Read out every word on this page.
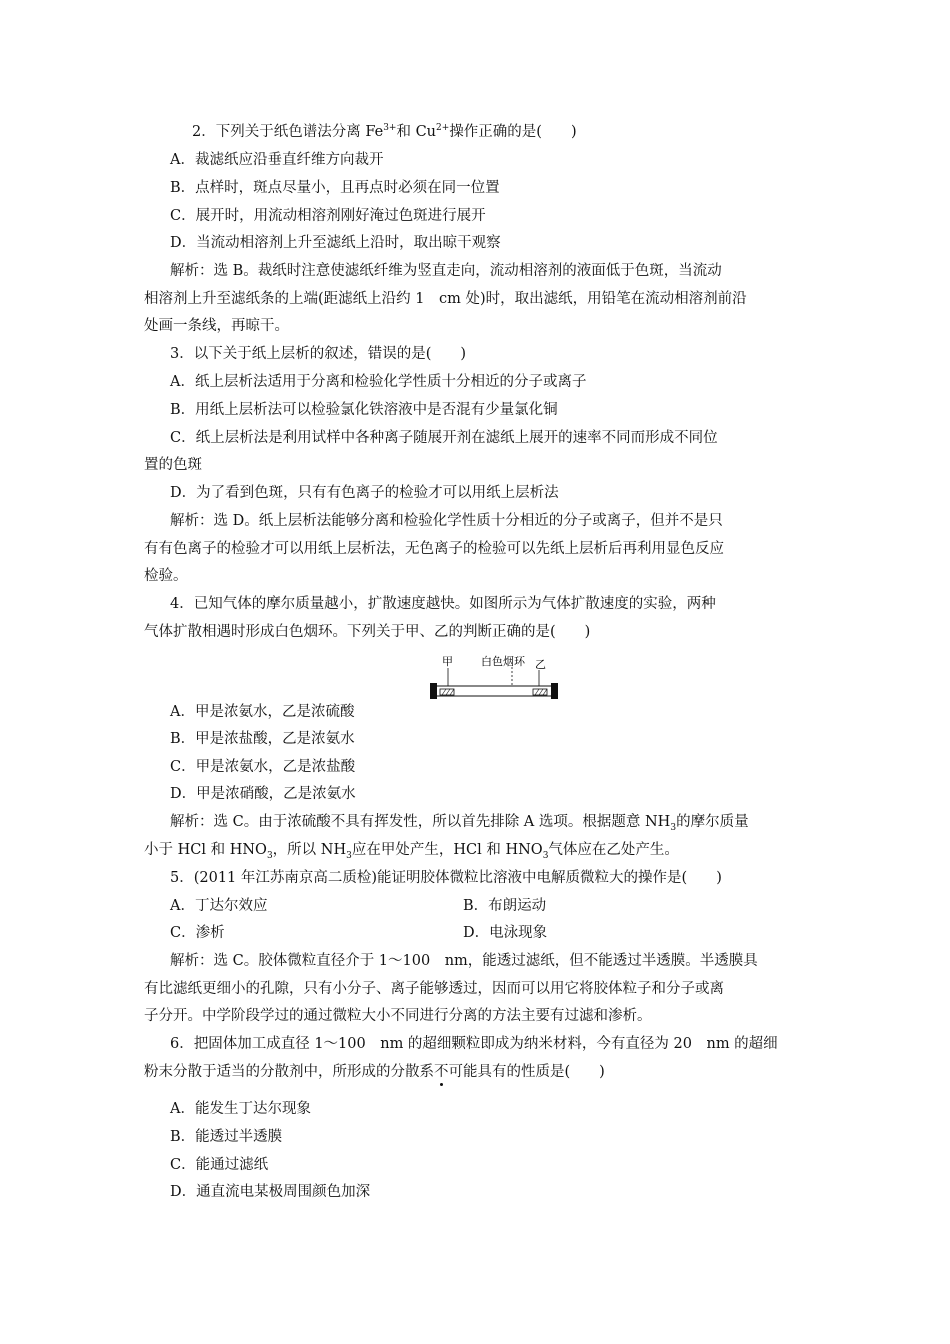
2．下列关于纸色谱法分离 $Fe^{3+}$和 $Cu^{2+}$操作正确的是(　　)
A．裁滤纸应沿垂直纤维方向裁开
B．点样时，斑点尽量小，且再点时必须在同一位置
C．展开时，用流动相溶剂刚好淹过色斑进行展开
D．当流动相溶剂上升至滤纸上沿时，取出晾干观察
解析：选 B。裁纸时注意使滤纸纤维为竖直走向，流动相溶剂的液面低于色斑，当流动
相溶剂上升至滤纸条的上端(距滤纸上沿约 1　cm 处)时，取出滤纸，用铅笔在流动相溶剂前沿
处画一条线，再晾干。
3．以下关于纸上层析的叙述，错误的是(　　)
A．纸上层析法适用于分离和检验化学性质十分相近的分子或离子
B．用纸上层析法可以检验氯化铁溶液中是否混有少量氯化铜
C．纸上层析法是利用试样中各种离子随展开剂在滤纸上展开的速率不同而形成不同位
置的色斑
D．为了看到色斑，只有有色离子的检验才可以用纸上层析法
解析：选 D。纸上层析法能够分离和检验化学性质十分相近的分子或离子，但并不是只
有有色离子的检验才可以用纸上层析法，无色离子的检验可以先纸上层析后再利用显色反应
检验。
4．已知气体的摩尔质量越小，扩散速度越快。如图所示为气体扩散速度的实验，两种
气体扩散相遇时形成白色烟环。下列关于甲、乙的判断正确的是(　　)
甲	白色烟环 乙
A．甲是浓氨水，乙是浓硫酸
B．甲是浓盐酸，乙是浓氨水
C．甲是浓氨水，乙是浓盐酸
D．甲是浓硝酸，乙是浓氨水
解析：选 C。由于浓硫酸不具有挥发性，所以首先排除 A 选项。根据题意 $NH_3$的摩尔质量
小于 HCl 和 $HNO_3$，所以 $NH_3$应在甲处产生，HCl 和 $HNO_3$气体应在乙处产生。
5．(2011 年江苏南京高二质检)能证明胶体微粒比溶液中电解质微粒大的操作是(　　)
A．丁达尔效应	B．布朗运动
C．渗析	D．电泳现象
解析：选 C。胶体微粒直径介于 1～100　nm，能透过滤纸，但不能透过半透膜。半透膜具
有比滤纸更细小的孔隙，只有小分子、离子能够透过，因而可以用它将胶体粒子和分子或离
子分开。中学阶段学过的通过微粒大小不同进行分离的方法主要有过滤和渗析。
6．把固体加工成直径 1～100　nm 的超细颗粒即成为纳米材料，今有直径为 20　nm 的超细
粉末分散于适当的分散剂中，所形成的分散系不可能具有的性质是(　　)
A．能发生丁达尔现象
B．能透过半透膜
C．能通过滤纸
D．通直流电某极周围颜色加深
